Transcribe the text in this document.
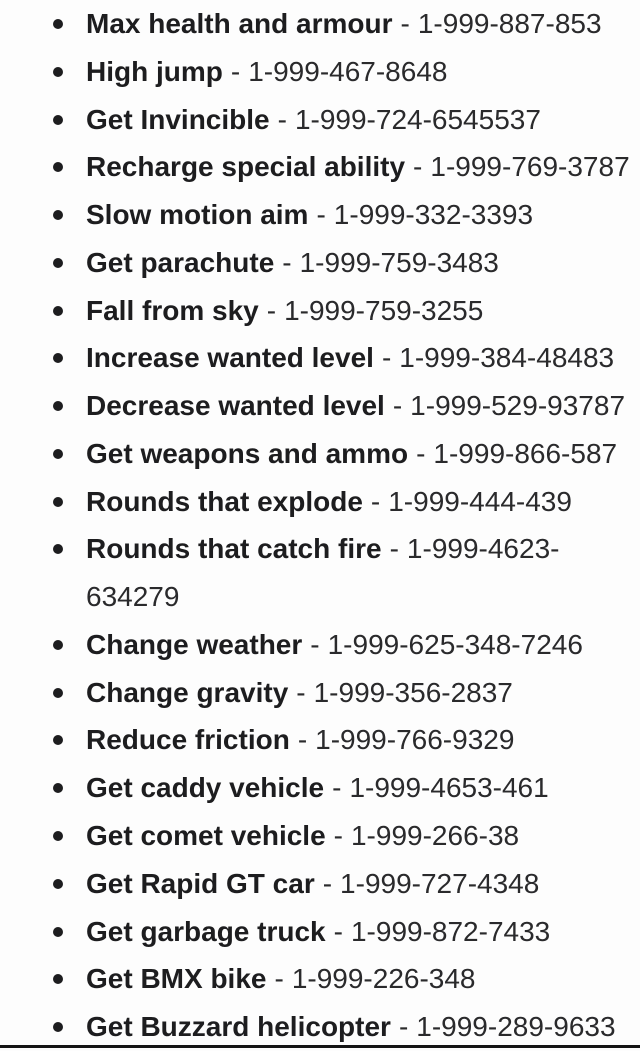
Max health and armour - 1-999-887-853
High jump - 1-999-467-8648
Get Invincible - 1-999-724-6545537
Recharge special ability - 1-999-769-3787
Slow motion aim - 1-999-332-3393
Get parachute - 1-999-759-3483
Fall from sky - 1-999-759-3255
Increase wanted level - 1-999-384-48483
Decrease wanted level - 1-999-529-93787
Get weapons and ammo - 1-999-866-587
Rounds that explode - 1-999-444-439
Rounds that catch fire - 1-999-4623-634279
Change weather - 1-999-625-348-7246
Change gravity - 1-999-356-2837
Reduce friction - 1-999-766-9329
Get caddy vehicle - 1-999-4653-461
Get comet vehicle - 1-999-266-38
Get Rapid GT car - 1-999-727-4348
Get garbage truck - 1-999-872-7433
Get BMX bike - 1-999-226-348
Get Buzzard helicopter - 1-999-289-9633
